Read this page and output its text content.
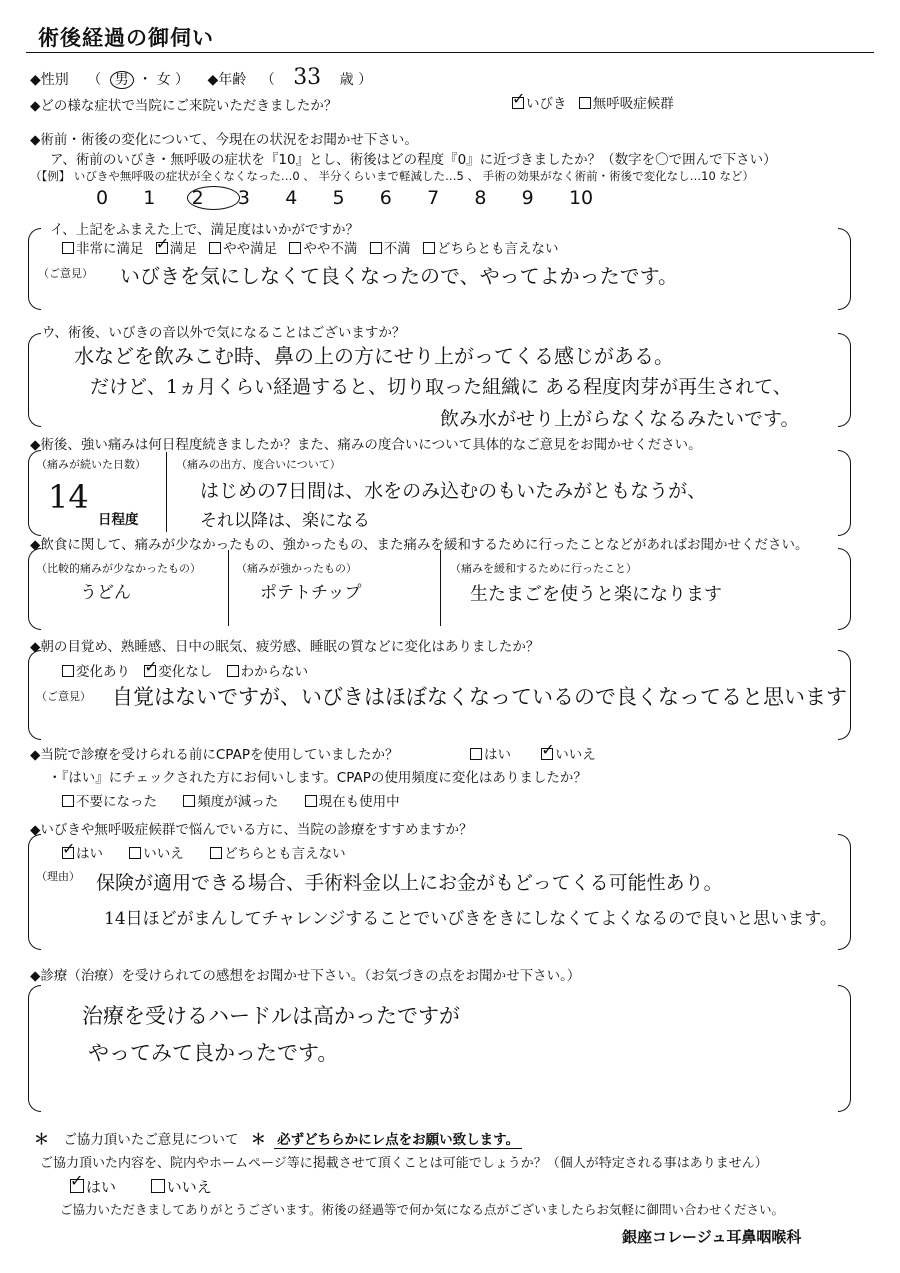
術後経過の御伺い
◆性別 （ 男 ・ 女 ） ◆年齢 （ 33 歳 ）
◆どの様な症状で当院にご来院いただきましたか？ ✓	いびき 無呼吸症候群
◆術前・術後の変化について、今現在の状況をお聞かせ下さい。
ア、術前のいびき・無呼吸の症状を『10』とし、術後はどの程度『0』に近づきましたか？（数字を〇で囲んで下さい）
（【例】 いびきや無呼吸の症状が全くなくなった…0 、 半分くらいまで軽減した…5 、 手術の効果がなく術前・術後で変化なし…10 など）
0 1 2 3 4 5 6 7 8 9 10
イ、上記をふまえた上で、満足度はいかがですか？
非常に満足 ✓ 満足 やや満足 やや不満 不満 どちらとも言えない
（ご意見） いびきを気にしなくて良くなったので、やってよかったです。
ウ、術後、いびきの音以外で気になることはございますか？
水などを飲みこむ時、鼻の上の方にせり上がってくる感じがある。
だけど、1ヵ月くらい経過すると、切り取った組織に ある程度肉芽が再生されて、
飲み水がせり上がらなくなるみたいです。
◆術後、強い痛みは何日程度続きましたか？また、痛みの度合いについて具体的なご意見をお聞かせください。
（痛みが続いた日数）
14
日程度
（痛みの出方、度合いについて）
はじめの7日間は、水をのみ込むのもいたみがともなうが、
それ以降は、楽になる
◆飲食に関して、痛みが少なかったもの、強かったもの、また痛みを緩和するために行ったことなどがあればお聞かせください。
（比較的痛みが少なかったもの）
うどん
（痛みが強かったもの）
ポテトチップ
（痛みを緩和するために行ったこと）
生たまごを使うと楽になります
◆朝の目覚め、熟睡感、日中の眠気、疲労感、睡眠の質などに変化はありましたか？
変化あり ✓ 変化なし わからない
（ご意見） 自覚はないですが、いびきはほぼなくなっているので良くなってると思います
◆当院で診療を受けられる前にCPAPを使用していましたか？	はい ✓	いいえ
・『はい』にチェックされた方にお伺いします。CPAPの使用頻度に変化はありましたか？
不要になった	頻度が減った	現在も使用中
◆いびきや無呼吸症候群で悩んでいる方に、当院の診療をすすめますか？
✓はい	いいえ	どちらとも言えない
（理由） 保険が適用できる場合、手術料金以上にお金がもどってくる可能性あり。
14日ほどがまんしてチャレンジすることでいびきをきにしなくてよくなるので良いと思います。
◆診療（治療）を受けられての感想をお聞かせ下さい。（お気づきの点をお聞かせ下さい。）
治療を受けるハードルは高かったですが
やってみて良かったです。
＊ ご協力頂いたご意見について ＊ 必ずどちらかにレ点をお願い致します。
ご協力頂いた内容を、院内やホームページ等に掲載させて頂くことは可能でしょうか？（個人が特定される事はありません）
✓はい	いいえ
ご協力いただきましてありがとうございます。術後の経過等で何か気になる点がございましたらお気軽に御問い合わせください。
銀座コレージュ耳鼻咽喉科
